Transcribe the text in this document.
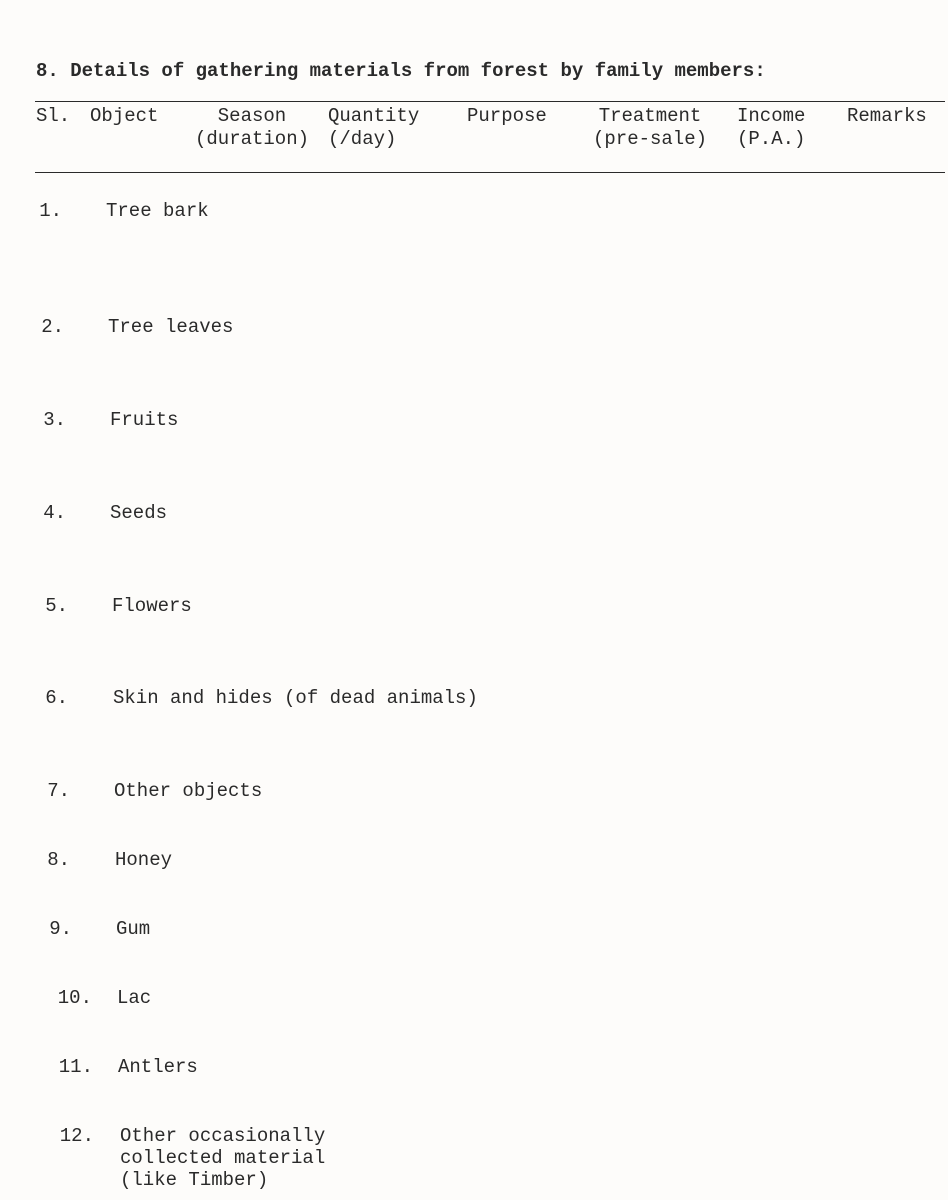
8. Details of gathering materials from forest by family members:
Sl. Object	Season
(duration)
Quantity
(/day)
Purpose	Treatment
(pre-sale)
Income
(P.A.)
Remarks
1. Tree bark
2. Tree leaves
3. Fruits
4. Seeds
5. Flowers
6. Skin and hides (of dead animals)
7. Other objects
8. Honey
9. Gum
10. Lac
11. Antlers
12. Other occasionally
collected material
(like Timber)
